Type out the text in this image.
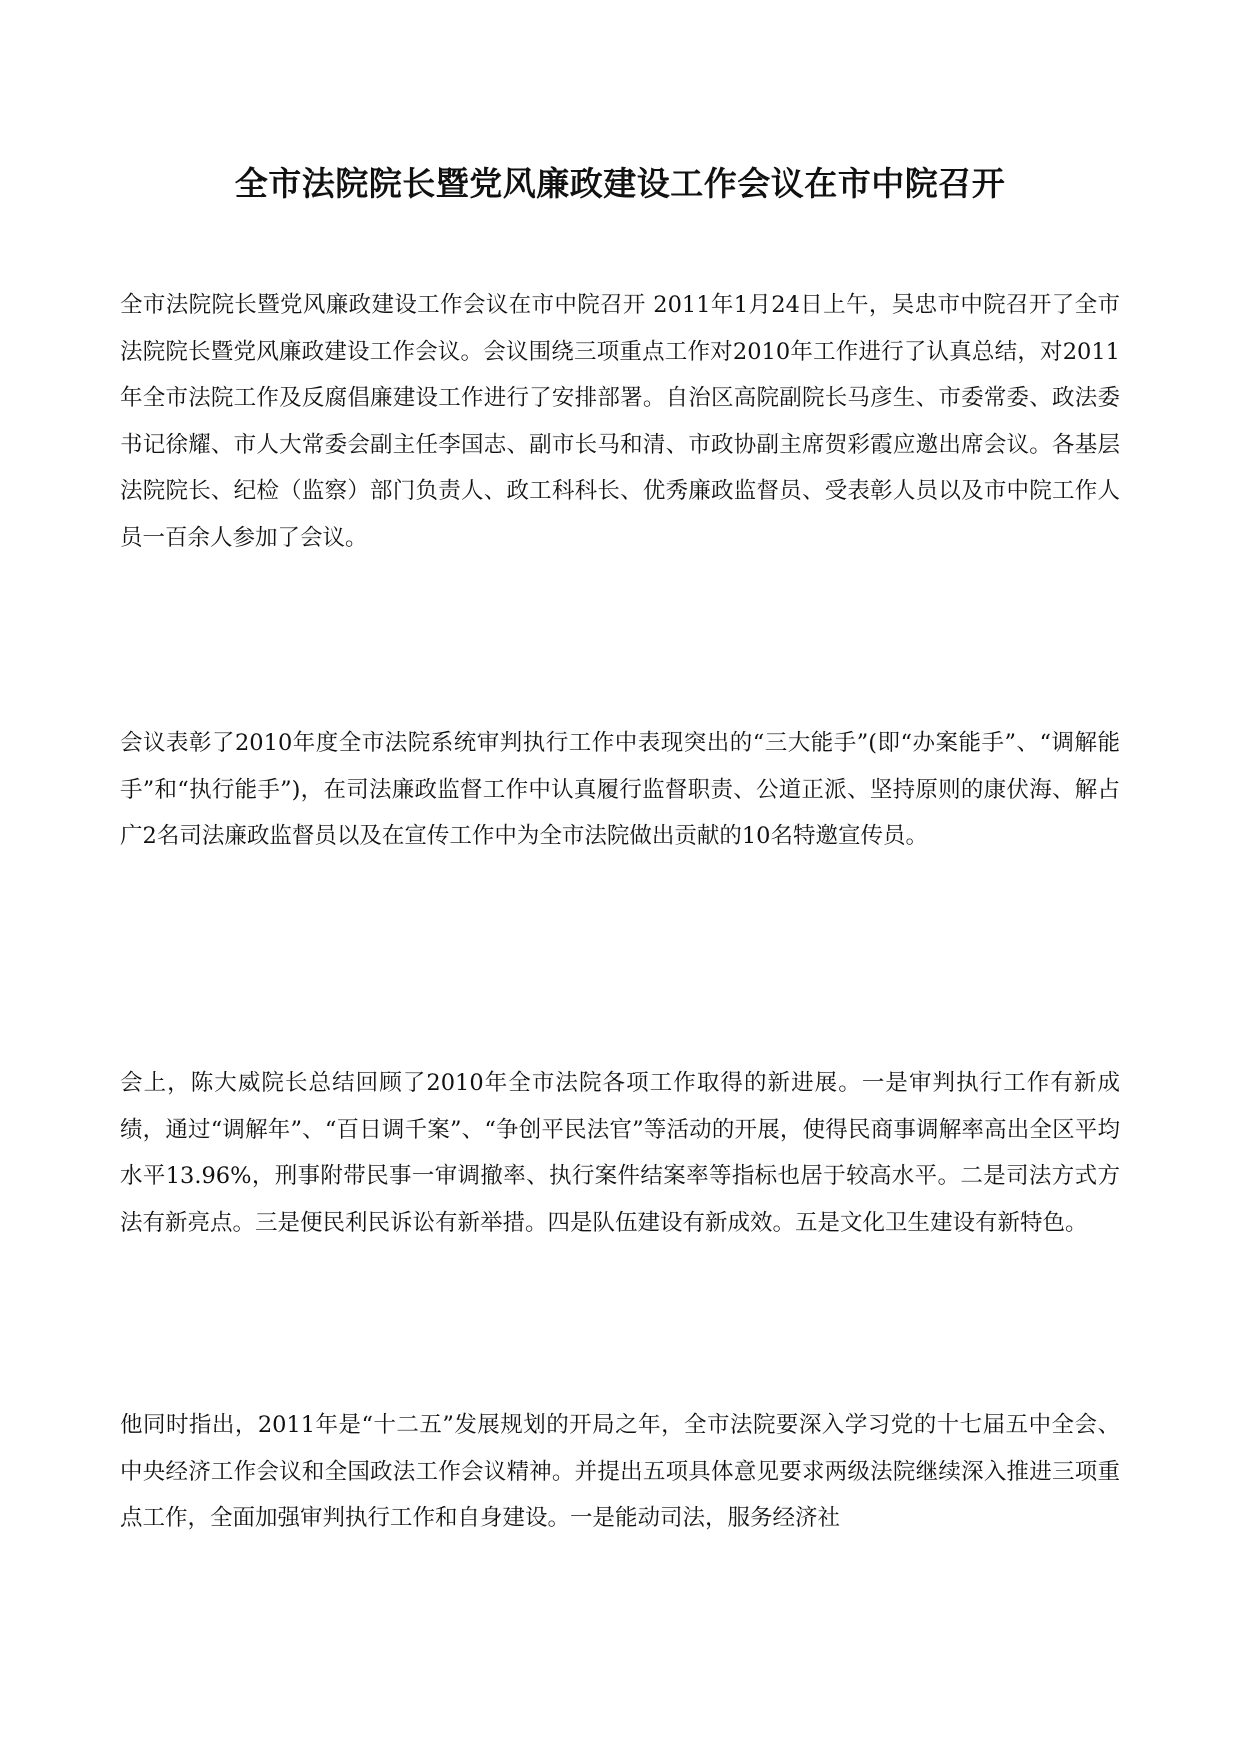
全市法院院长暨党风廉政建设工作会议在市中院召开

全市法院院长暨党风廉政建设工作会议在市中院召开 2011年1月24日上午，吴忠市中院召开了全市法院院长暨党风廉政建设工作会议。会议围绕三项重点工作对2010年工作进行了认真总结，对2011年全市法院工作及反腐倡廉建设工作进行了安排部署。自治区高院副院长马彦生、市委常委、政法委书记徐耀、市人大常委会副主任李国志、副市长马和清、市政协副主席贺彩霞应邀出席会议。各基层法院院长、纪检（监察）部门负责人、政工科科长、优秀廉政监督员、受表彰人员以及市中院工作人员一百余人参加了会议。

会议表彰了2010年度全市法院系统审判执行工作中表现突出的“三大能手”(即“办案能手”、“调解能手”和“执行能手”)，在司法廉政监督工作中认真履行监督职责、公道正派、坚持原则的康伏海、解占广2名司法廉政监督员以及在宣传工作中为全市法院做出贡献的10名特邀宣传员。

会上，陈大威院长总结回顾了2010年全市法院各项工作取得的新进展。一是审判执行工作有新成绩，通过“调解年”、“百日调千案”、“争创平民法官”等活动的开展，使得民商事调解率高出全区平均水平13.96%，刑事附带民事一审调撤率、执行案件结案率等指标也居于较高水平。二是司法方式方法有新亮点。三是便民利民诉讼有新举措。四是队伍建设有新成效。五是文化卫生建设有新特色。

他同时指出，2011年是“十二五”发展规划的开局之年，全市法院要深入学习党的十七届五中全会、中央经济工作会议和全国政法工作会议精神。并提出五项具体意见要求两级法院继续深入推进三项重点工作，全面加强审判执行工作和自身建设。一是能动司法，服务经济社
